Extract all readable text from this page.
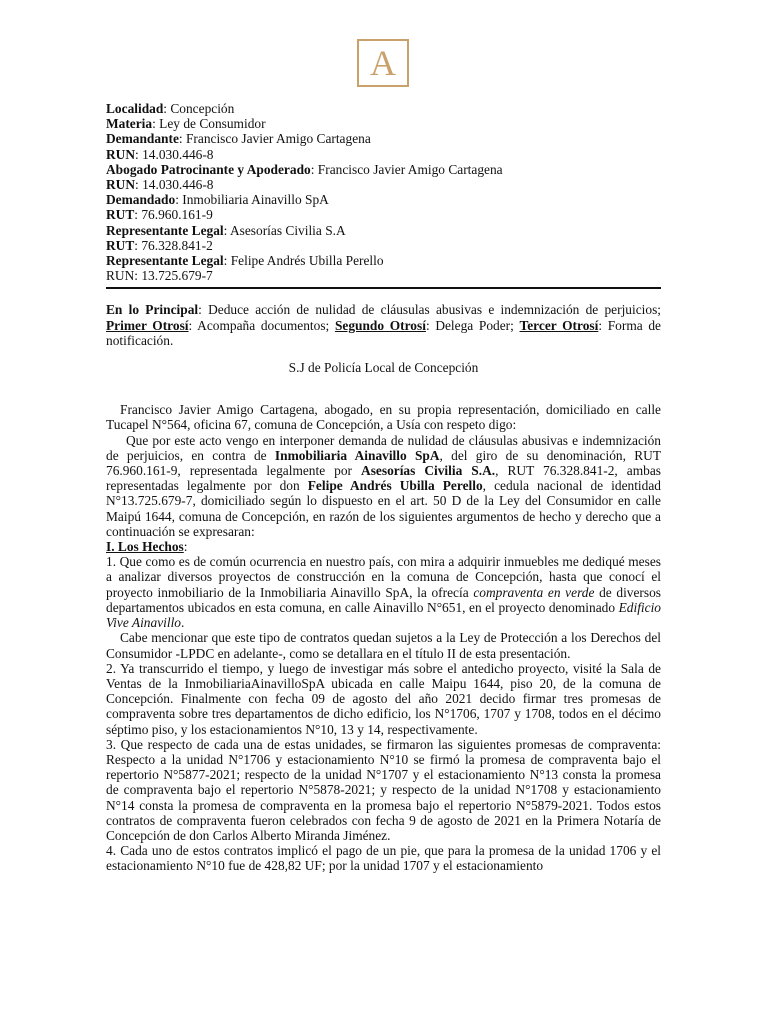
A
Localidad: Concepción
Materia: Ley de Consumidor
Demandante: Francisco Javier Amigo Cartagena
RUN: 14.030.446-8
Abogado Patrocinante y Apoderado: Francisco Javier Amigo Cartagena
RUN: 14.030.446-8
Demandado: Inmobiliaria Ainavillo SpA
RUT: 76.960.161-9
Representante Legal: Asesorías Civilia S.A
RUT: 76.328.841-2
Representante Legal: Felipe Andrés Ubilla Perello
RUN: 13.725.679-7
En lo Principal: Deduce acción de nulidad de cláusulas abusivas e indemnización de perjuicios; Primer Otrosí: Acompaña documentos; Segundo Otrosí: Delega Poder; Tercer Otrosí: Forma de notificación.
S.J de Policía Local de Concepción

Francisco Javier Amigo Cartagena, abogado, en su propia representación, domiciliado en calle Tucapel N°564, oficina 67, comuna de Concepción, a Usía con respeto digo:

Que por este acto vengo en interponer demanda de nulidad de cláusulas abusivas e indemnización de perjuicios, en contra de Inmobiliaria Ainavillo SpA, del giro de su denominación, RUT 76.960.161-9, representada legalmente por Asesorías Civilia S.A., RUT 76.328.841-2, ambas representadas legalmente por don Felipe Andrés Ubilla Perello, cedula nacional de identidad N°13.725.679-7, domiciliado según lo dispuesto en el art. 50 D de la Ley del Consumidor en calle Maipú 1644, comuna de Concepción, en razón de los siguientes argumentos de hecho y derecho que a continuación se expresaran:

I. Los Hechos:

1. Que como es de común ocurrencia en nuestro país, con mira a adquirir inmuebles me dediqué meses a analizar diversos proyectos de construcción en la comuna de Concepción, hasta que conocí el proyecto inmobiliario de la Inmobiliaria Ainavillo SpA, la ofrecía compraventa en verde de diversos departamentos ubicados en esta comuna, en calle Ainavillo N°651, en el proyecto denominado Edificio Vive Ainavillo.

Cabe mencionar que este tipo de contratos quedan sujetos a la Ley de Protección a los Derechos del Consumidor -LPDC en adelante-, como se detallara en el título II de esta presentación.

2. Ya transcurrido el tiempo, y luego de investigar más sobre el antedicho proyecto, visité la Sala de Ventas de la InmobiliariaAinavilloSpA ubicada en calle Maipu 1644, piso 20, de la comuna de Concepción. Finalmente con fecha 09 de agosto del año 2021 decido firmar tres promesas de compraventa sobre tres departamentos de dicho edificio, los N°1706, 1707 y 1708, todos en el décimo séptimo piso, y los estacionamientos N°10, 13 y 14, respectivamente.

3. Que respecto de cada una de estas unidades, se firmaron las siguientes promesas de compraventa: Respecto a la unidad N°1706 y estacionamiento N°10 se firmó la promesa de compraventa bajo el repertorio N°5877-2021; respecto de la unidad N°1707 y el estacionamiento N°13 consta la promesa de compraventa bajo el repertorio N°5878-2021; y respecto de la unidad N°1708 y estacionamiento N°14 consta la promesa de compraventa en la promesa bajo el repertorio N°5879-2021. Todos estos contratos de compraventa fueron celebrados con fecha 9 de agosto de 2021 en la Primera Notaría de Concepción de don Carlos Alberto Miranda Jiménez.

4. Cada uno de estos contratos implicó el pago de un pie, que para la promesa de la unidad 1706 y el estacionamiento N°10 fue de 428,82 UF; por la unidad 1707 y el estacionamiento
